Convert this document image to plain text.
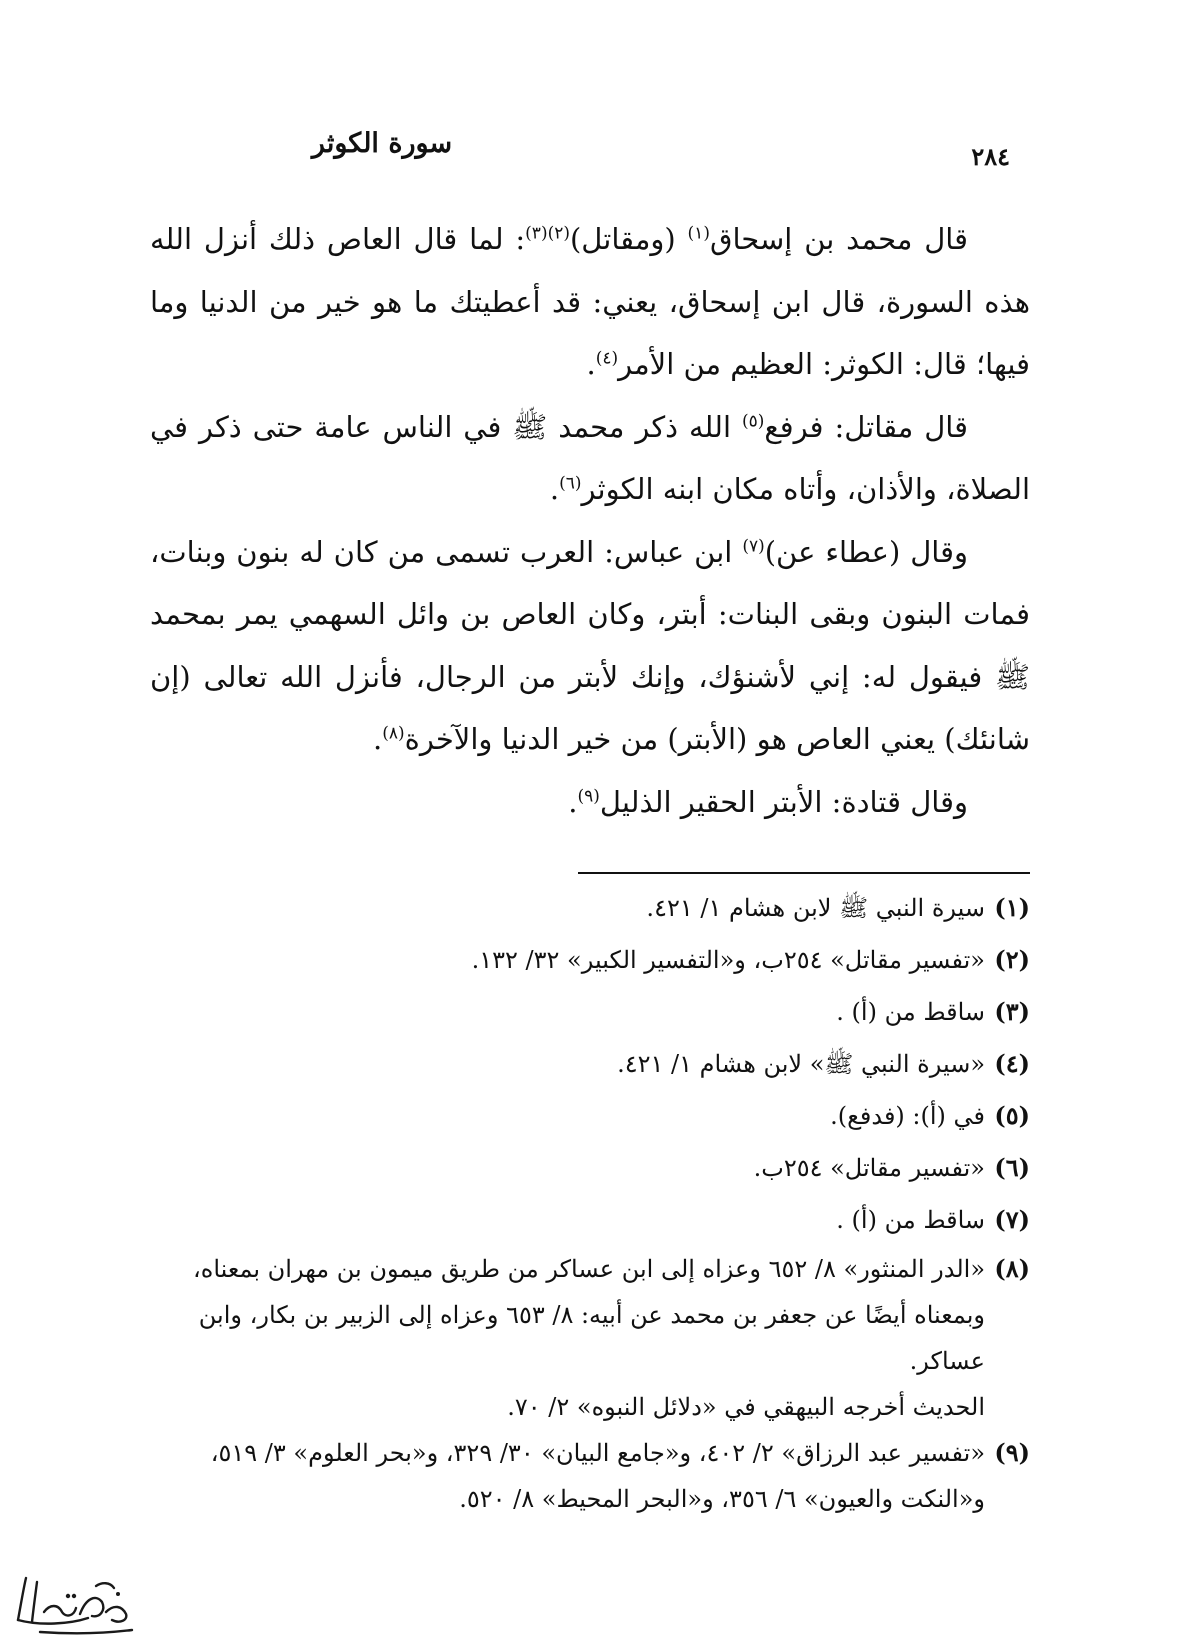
سورة الكوثر	٢٨٤

قال محمد بن إسحاق$^{(١)}$ (ومقاتل)$^{(٢)(٣)}$: لما قال العاص ذلك أنزل الله هذه السورة، قال ابن إسحاق، يعني: قد أعطيتك ما هو خير من الدنيا وما فيها؛ قال: الكوثر: العظيم من الأمر$^{(٤)}$.

قال مقاتل: فرفع$^{(٥)}$ الله ذكر محمد ﷺ في الناس عامة حتى ذكر في الصلاة، والأذان، وأتاه مكان ابنه الكوثر$^{(٦)}$.

وقال (عطاء عن)$^{(٧)}$ ابن عباس: العرب تسمى من كان له بنون وبنات، فمات البنون وبقى البنات: أبتر، وكان العاص بن وائل السهمي يمر بمحمد ﷺ فيقول له: إني لأشنؤك، وإنك لأبتر من الرجال، فأنزل الله تعالى (إن شانئك) يعني العاص هو (الأبتر) من خير الدنيا والآخرة$^{(٨)}$.

وقال قتادة: الأبتر الحقير الذليل$^{(٩)}$.

(١)
سيرة النبي ﷺ لابن هشام ١/ ٤٢١.
(٢)
«تفسير مقاتل» ٢٥٤ب، و«التفسير الكبير» ٣٢/ ١٣٢.
(٣)
ساقط من (أ) .
(٤)
«سيرة النبي ﷺ» لابن هشام ١/ ٤٢١.
(٥)
في (أ): (فدفع).
(٦)
«تفسير مقاتل» ٢٥٤ب.
(٧)
ساقط من (أ) .
(٨)
«الدر المنثور» ٨/ ٦٥٢ وعزاه إلى ابن عساكر من طريق ميمون بن مهران بمعناه، وبمعناه أيضًا عن جعفر بن محمد عن أبيه: ٨/ ٦٥٣ وعزاه إلى الزبير بن بكار، وابن عساكر.
الحديث أخرجه البيهقي في «دلائل النبوه» ٢/ ٧٠.
(٩)
«تفسير عبد الرزاق» ٢/ ٤٠٢، و«جامع البيان» ٣٠/ ٣٢٩، و«بحر العلوم» ٣/ ٥١٩، و«النكت والعيون» ٦/ ٣٥٦، و«البحر المحيط» ٨/ ٥٢٠.
